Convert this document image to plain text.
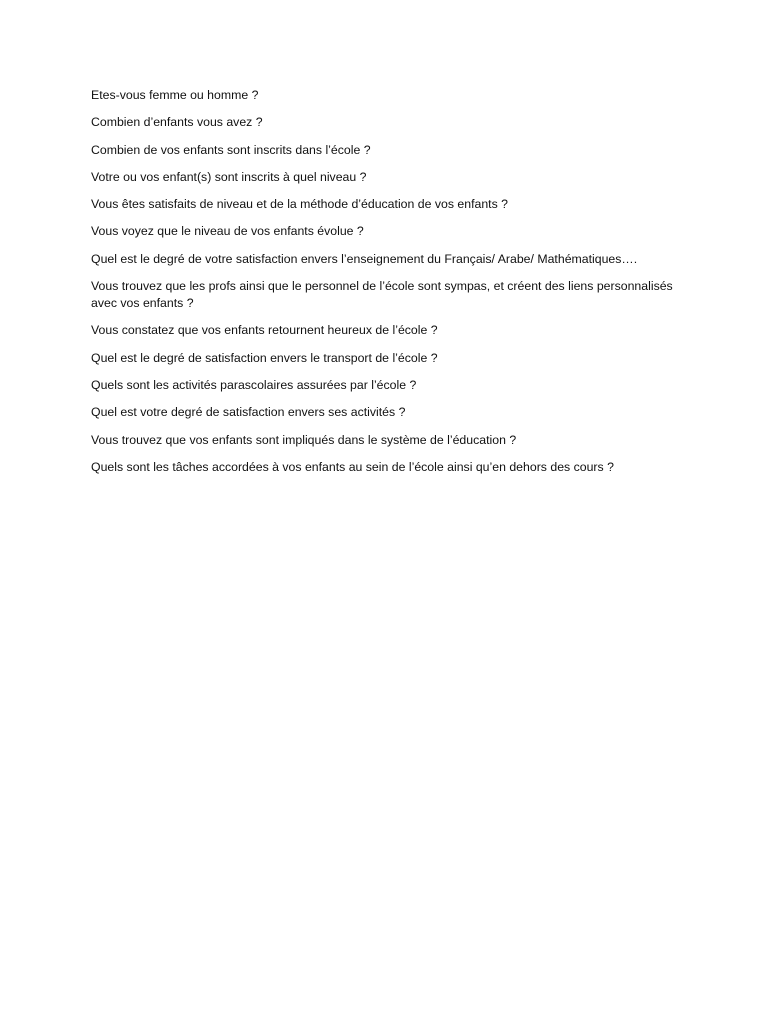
Etes-vous femme ou homme ?
Combien d’enfants vous avez ?
Combien de vos enfants sont inscrits dans l’école ?
Votre ou vos enfant(s) sont inscrits à quel niveau ?
Vous êtes satisfaits de niveau et de la méthode d’éducation de vos enfants ?
Vous voyez que le niveau de vos enfants évolue ?
Quel est le degré de votre satisfaction envers l’enseignement du Français/ Arabe/ Mathématiques….
Vous trouvez que les profs ainsi que le personnel de l’école sont sympas, et créent des liens personnalisés avec vos enfants ?
Vous constatez que vos enfants retournent heureux de l’école ?
Quel est le degré de satisfaction envers le transport de l’école ?
Quels sont les activités parascolaires assurées par l’école ?
Quel est votre degré de satisfaction envers ses activités ?
Vous trouvez que vos enfants sont impliqués dans le système de l’éducation ?
Quels sont les tâches accordées à vos enfants au sein de l’école ainsi qu’en dehors des cours ?
